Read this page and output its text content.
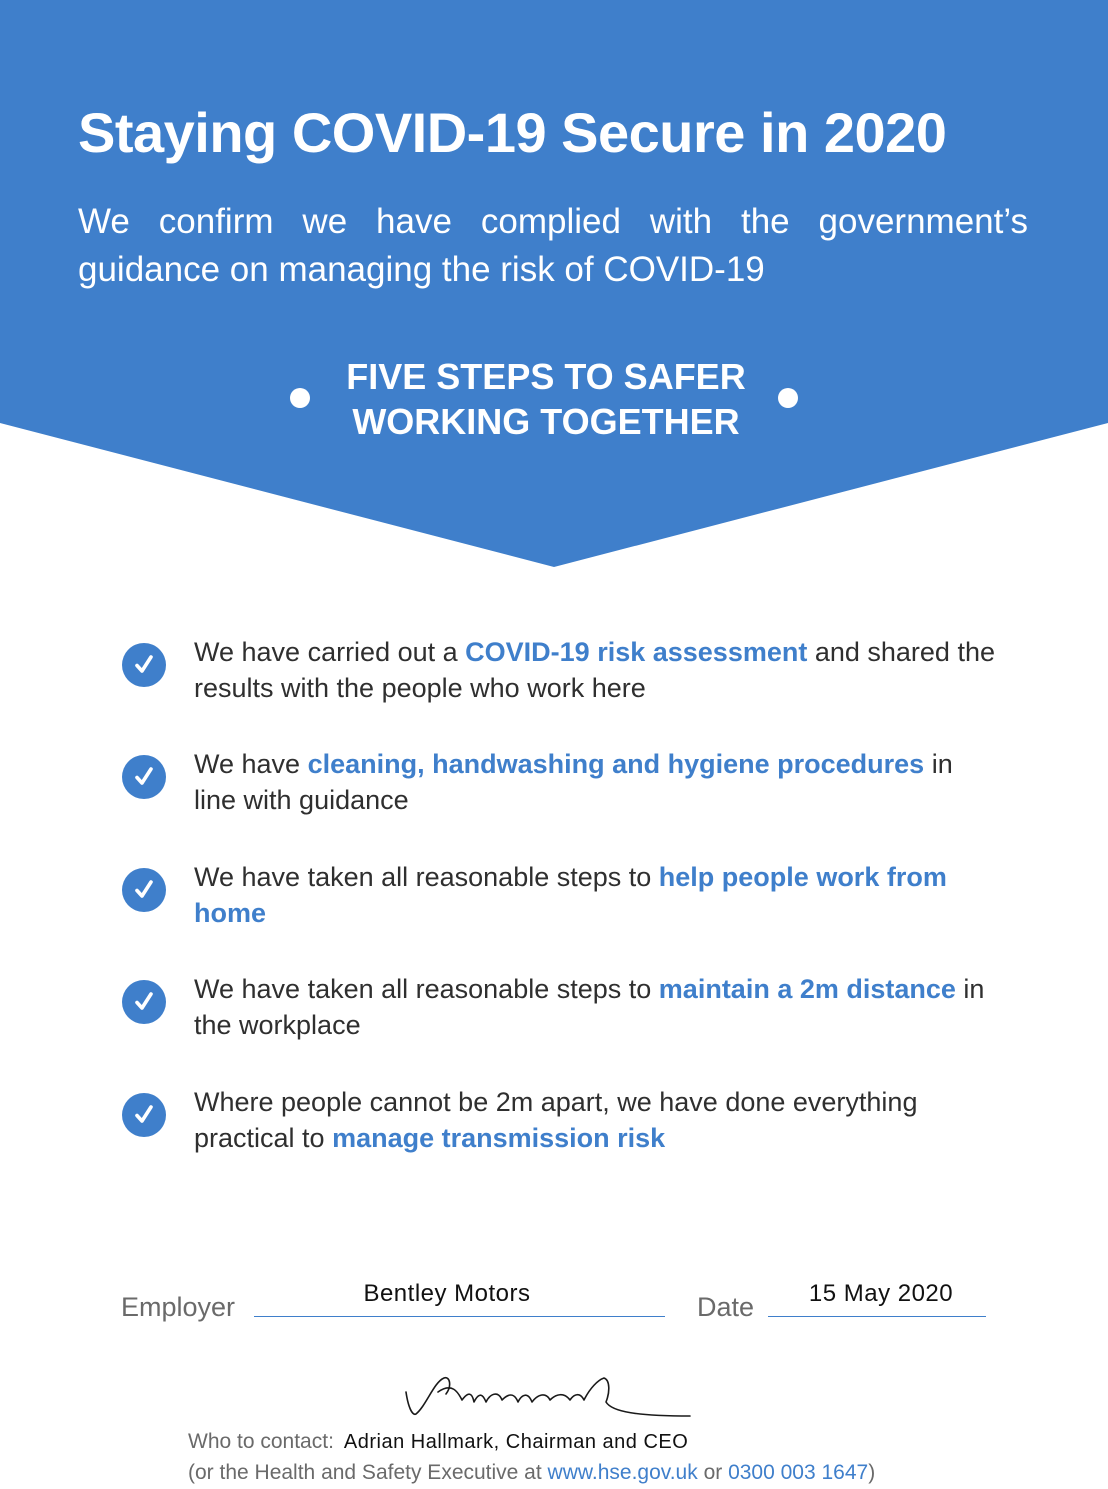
Staying COVID-19 Secure in 2020
We confirm we have complied with the government’s guidance on managing the risk of COVID-19
FIVE STEPS TO SAFER
WORKING TOGETHER
We have carried out a COVID-19 risk assessment and shared the results with the people who work here
We have cleaning, handwashing and hygiene procedures in line with guidance
We have taken all reasonable steps to help people work from home
We have taken all reasonable steps to maintain a 2m distance in the workplace
Where people cannot be 2m apart, we have done everything practical to manage transmission risk
Employer	Bentley Motors	Date	15 May 2020
Who to contact: Adrian Hallmark, Chairman and CEO
(or the Health and Safety Executive at www.hse.gov.uk or 0300 003 1647)
